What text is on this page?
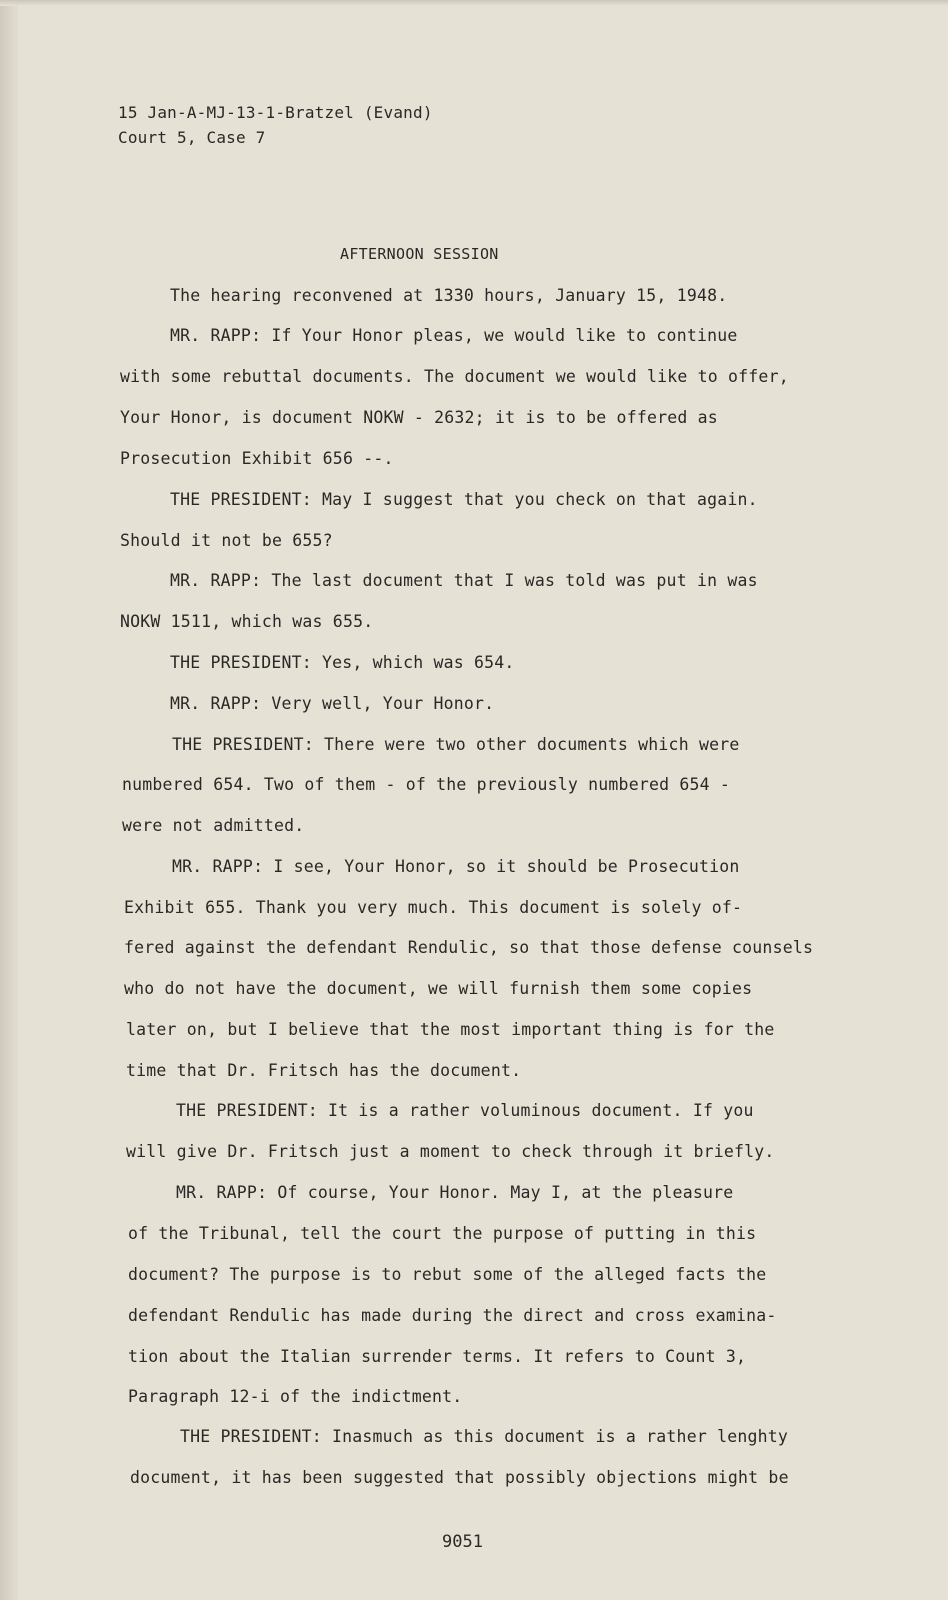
15 Jan-A-MJ-13-1-Bratzel (Evand)
Court 5, Case 7
AFTERNOON SESSION
The hearing reconvened at 1330 hours, January 15, 1948.
MR. RAPP: If Your Honor pleas, we would like to continue
with some rebuttal documents. The document we would like to offer,
Your Honor, is document NOKW - 2632; it is to be offered as
Prosecution Exhibit 656 --.
THE PRESIDENT: May I suggest that you check on that again.
Should it not be 655?
MR. RAPP: The last document that I was told was put in was
NOKW 1511, which was 655.
THE PRESIDENT: Yes, which was 654.
MR. RAPP: Very well, Your Honor.
THE PRESIDENT: There were two other documents which were
numbered 654. Two of them - of the previously numbered 654 -
were not admitted.
MR. RAPP: I see, Your Honor, so it should be Prosecution
Exhibit 655. Thank you very much. This document is solely of-
fered against the defendant Rendulic, so that those defense counsels
who do not have the document, we will furnish them some copies
later on, but I believe that the most important thing is for the
time that Dr. Fritsch has the document.
THE PRESIDENT: It is a rather voluminous document. If you
will give Dr. Fritsch just a moment to check through it briefly.
MR. RAPP: Of course, Your Honor. May I, at the pleasure
of the Tribunal, tell the court the purpose of putting in this
document? The purpose is to rebut some of the alleged facts the
defendant Rendulic has made during the direct and cross examina-
tion about the Italian surrender terms. It refers to Count 3,
Paragraph 12-i of the indictment.
THE PRESIDENT: Inasmuch as this document is a rather lenghty
document, it has been suggested that possibly objections might be
9051
